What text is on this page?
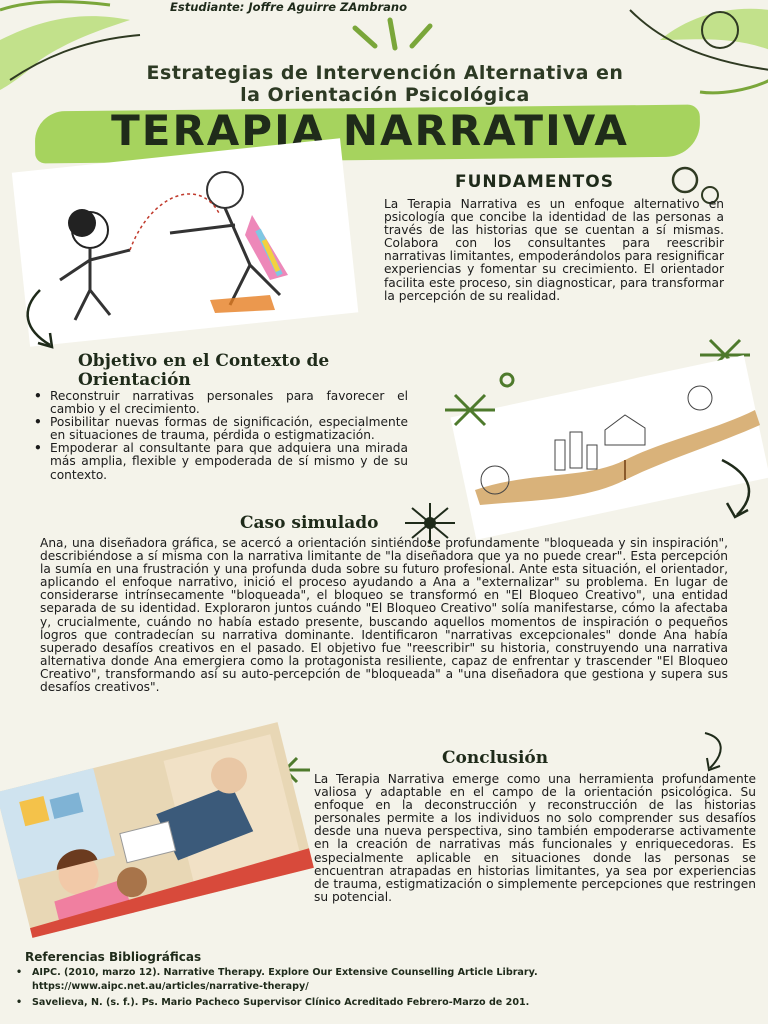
Estudiante: Joffre Aguirre ZAmbrano
Estrategias de Intervención Alternativa en
la Orientación Psicológica
TERAPIA NARRATIVA
FUNDAMENTOS
La Terapia Narrativa es un enfoque alternativo en psicología que concibe la identidad de las personas a través de las historias que se cuentan a sí mismas. Colabora con los consultantes para reescribir narrativas limitantes, empoderándolos para resignificar experiencias y fomentar su crecimiento. El orientador facilita este proceso, sin diagnosticar, para transformar la percepción de su realidad.
Objetivo en el Contexto de Orientación
• Reconstruir narrativas personales para favorecer el cambio y el crecimiento.
• Posibilitar nuevas formas de significación, especialmente en situaciones de trauma, pérdida o estigmatización.
• Empoderar al consultante para que adquiera una mirada más amplia, flexible y empoderada de sí mismo y de su contexto.
Caso simulado
Ana, una diseñadora gráfica, se acercó a orientación sintiéndose profundamente "bloqueada y sin inspiración", describiéndose a sí misma con la narrativa limitante de "la diseñadora que ya no puede crear". Esta percepción la sumía en una frustración y una profunda duda sobre su futuro profesional. Ante esta situación, el orientador, aplicando el enfoque narrativo, inició el proceso ayudando a Ana a "externalizar" su problema. En lugar de considerarse intrínsecamente "bloqueada", el bloqueo se transformó en "El Bloqueo Creativo", una entidad separada de su identidad. Exploraron juntos cuándo "El Bloqueo Creativo" solía manifestarse, cómo la afectaba y, crucialmente, cuándo no había estado presente, buscando aquellos momentos de inspiración o pequeños logros que contradecían su narrativa dominante. Identificaron "narrativas excepcionales" donde Ana había superado desafíos creativos en el pasado. El objetivo fue "reescribir" su historia, construyendo una narrativa alternativa donde Ana emergiera como la protagonista resiliente, capaz de enfrentar y trascender "El Bloqueo Creativo", transformando así su auto-percepción de "bloqueada" a "una diseñadora que gestiona y supera sus desafíos creativos".
Conclusión
La Terapia Narrativa emerge como una herramienta profundamente valiosa y adaptable en el campo de la orientación psicológica. Su enfoque en la deconstrucción y reconstrucción de las historias personales permite a los individuos no solo comprender sus desafíos desde una nueva perspectiva, sino también empoderarse activamente en la creación de narrativas más funcionales y enriquecedoras. Es especialmente aplicable en situaciones donde las personas se encuentran atrapadas en historias limitantes, ya sea por experiencias de trauma, estigmatización o simplemente percepciones que restringen su potencial.
Referencias Bibliográficas
• AIPC. (2010, marzo 12). Narrative Therapy. Explore Our Extensive Counselling Article Library. https://www.aipc.net.au/articles/narrative-therapy/
• Savelieva, N. (s. f.). Ps. Mario Pacheco Supervisor Clínico Acreditado Febrero-Marzo de 201.
